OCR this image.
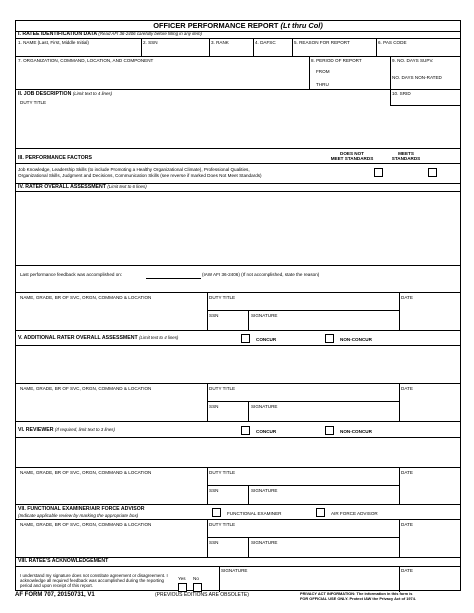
OFFICER PERFORMANCE REPORT (Lt thru Col)
I. RATEE IDENTIFICATION DATA (Read AFI 36-2406 carefully before filling in any item)
1. NAME (Last, First, Middle Initial)	2. SSN	3. RANK	4. DAFSC	5. REASON FOR REPORT	6. PAS CODE
7. ORGANIZATION, COMMAND, LOCATION, AND COMPONENT	8. PERIOD OF REPORT
FROM
THRU
9. NO. DAYS SUPV.
NO. DAYS NON-RATED
II. JOB DESCRIPTION (Limit text to 4 lines)	10. SRID
DUTY TITLE
III. PERFORMANCE FACTORS
DOES NOT
MEET STANDARDS
MEETS
STANDARDS
Job Knowledge, Leadership Skills (to include Promoting a Healthy Organizational Climate), Professional Qualities,
Organizational Skills, Judgment and Decisions, Communication Skills (see reverse if marked Does Not Meet Standards)
IV. RATER OVERALL ASSESSMENT (Limit text to 6 lines)
Last performance feedback was accomplished on:	(IAW AFI 36-2406) (If not accomplished, state the reason)
NAME, GRADE, BR OF SVC, ORGN, COMMAND & LOCATION	DUTY TITLE	DATE
SSN	SIGNATURE
V. ADDITIONAL RATER OVERALL ASSESSMENT (Limit text to 4 lines)	CONCUR	NON-CONCUR
NAME, GRADE, BR OF SVC, ORGN, COMMAND & LOCATION	DUTY TITLE	DATE
SSN	SIGNATURE
VI. REVIEWER (If required, limit text to 3 lines)	CONCUR	NON-CONCUR
NAME, GRADE, BR OF SVC, ORGN, COMMAND & LOCATION	DUTY TITLE	DATE
SSN	SIGNATURE
VII. FUNCTIONAL EXAMINER/AIR FORCE ADVISOR
(Indicate applicable review by marking the appropriate box)	FUNCTIONAL EXAMINER	AIR FORCE ADVISOR
NAME, GRADE, BR OF SVC, ORGN, COMMAND & LOCATION	DUTY TITLE	DATE
SSN	SIGNATURE
VIII. RATEE'S ACKNOWLEDGEMENT
I understand my signature does not constitute agreement or disagreement. I acknowledge all required feedback was accomplished during the reporting period and upon receipt of this report.
Yes No
SIGNATURE	DATE
AF FORM 707, 20150731, V1	(PREVIOUS EDITIONS ARE OBSOLETE)	PRIVACY ACT INFORMATION: The information in this form is
FOR OFFICIAL USE ONLY. Protect IAW the Privacy Act of 1974.
